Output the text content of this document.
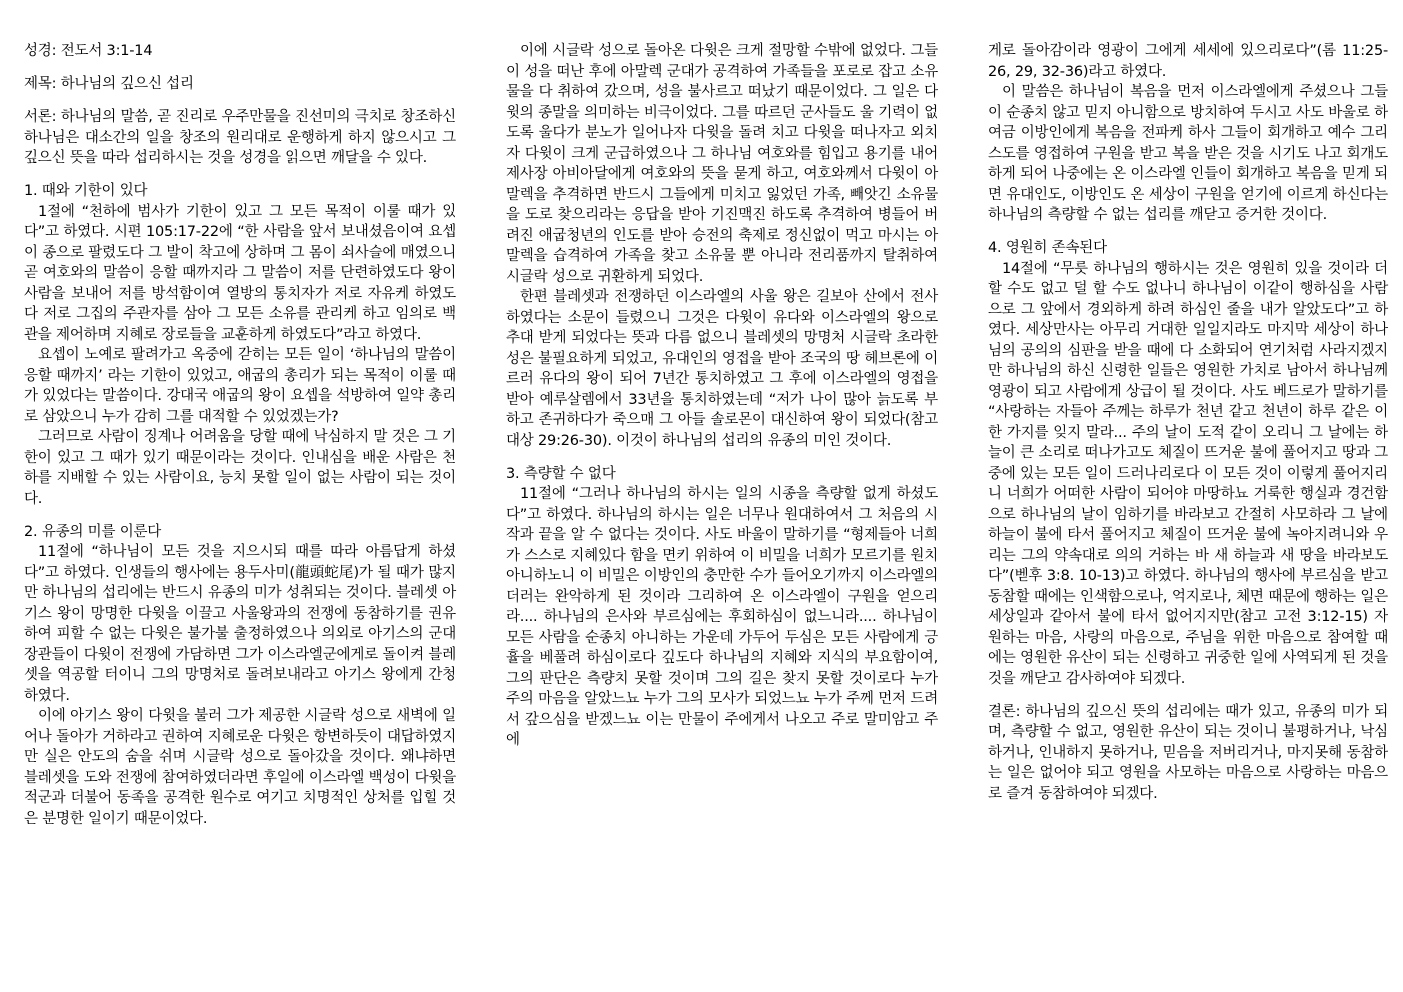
성경: 전도서 3:1-14

제목: 하나님의 깊으신 섭리

서론: 하나님의 말씀, 곧 진리로 우주만물을 진선미의 극치로 창조하신 하나님은 대소간의 일을 창조의 원리대로 운행하게 하지 않으시고 그 깊으신 뜻을 따라 섭리하시는 것을 성경을 읽으면 깨달을 수 있다.

1. 때와 기한이 있다

1절에 “천하에 범사가 기한이 있고 그 모든 목적이 이룰 때가 있다”고 하였다. 시편 105:17-22에 “한 사람을 앞서 보내셨음이여 요셉이 종으로 팔렸도다 그 발이 착고에 상하며 그 몸이 쇠사슬에 매였으니 곧 여호와의 말씀이 응할 때까지라 그 말씀이 저를 단련하였도다 왕이 사람을 보내어 저를 방석함이여 열방의 통치자가 저로 자유케 하였도다 저로 그집의 주관자를 삼아 그 모든 소유를 관리케 하고 임의로 백관을 제어하며 지혜로 장로들을 교훈하게 하였도다”라고 하였다.

요셉이 노예로 팔려가고 옥중에 갇히는 모든 일이 ‘하나님의 말씀이 응할 때까지’ 라는 기한이 있었고, 애굽의 총리가 되는 목적이 이룰 때가 있었다는 말씀이다. 강대국 애굽의 왕이 요셉을 석방하여 일약 총리로 삼았으니 누가 감히 그를 대적할 수 있었겠는가?

그러므로 사람이 징계나 어려움을 당할 때에 낙심하지 말 것은 그 기한이 있고 그 때가 있기 때문이라는 것이다. 인내심을 배운 사람은 천하를 지배할 수 있는 사람이요, 능치 못할 일이 없는 사람이 되는 것이다.

2. 유종의 미를 이룬다

11절에 “하나님이 모든 것을 지으시되 때를 따라 아름답게 하셨다”고 하였다. 인생들의 행사에는 용두사미(龍頭蛇尾)가 될 때가 많지만 하나님의 섭리에는 반드시 유종의 미가 성취되는 것이다. 블레셋 아기스 왕이 망명한 다윗을 이끌고 사울왕과의 전쟁에 동참하기를 권유하여 피할 수 없는 다윗은 불가불 출정하였으나 의외로 아기스의 군대장관들이 다윗이 전쟁에 가담하면 그가 이스라엘군에게로 돌이켜 블레셋을 역공할 터이니 그의 망명처로 돌려보내라고 아기스 왕에게 간청하였다.

이에 아기스 왕이 다윗을 불러 그가 제공한 시글락 성으로 새벽에 일어나 돌아가 거하라고 권하여 지혜로운 다윗은 항변하듯이 대답하였지만 실은 안도의 숨을 쉬며 시글락 성으로 돌아갔을 것이다. 왜냐하면 블레셋을 도와 전쟁에 참여하였더라면 후일에 이스라엘 백성이 다윗을 적군과 더불어 동족을 공격한 원수로 여기고 치명적인 상처를 입힐 것은 분명한 일이기 때문이었다.

이에 시글락 성으로 돌아온 다윗은 크게 절망할 수밖에 없었다. 그들이 성을 떠난 후에 아말렉 군대가 공격하여 가족들을 포로로 잡고 소유물을 다 취하여 갔으며, 성을 불사르고 떠났기 때문이었다. 그 일은 다윗의 종말을 의미하는 비극이었다. 그를 따르던 군사들도 울 기력이 없도록 울다가 분노가 일어나자 다윗을 돌려 치고 다윗을 떠나자고 외치자 다윗이 크게 군급하였으나 그 하나님 여호와를 힘입고 용기를 내어 제사장 아비아달에게 여호와의 뜻을 묻게 하고, 여호와께서 다윗이 아말렉을 추격하면 반드시 그들에게 미치고 잃었던 가족, 빼앗긴 소유물을 도로 찾으리라는 응답을 받아 기진맥진 하도록 추격하여 병들어 버려진 애굽청년의 인도를 받아 승전의 축제로 정신없이 먹고 마시는 아말렉을 습격하여 가족을 찾고 소유물 뿐 아니라 전리품까지 탈취하여 시글락 성으로 귀환하게 되었다.

한편 블레셋과 전쟁하던 이스라엘의 사울 왕은 길보아 산에서 전사하였다는 소문이 들렸으니 그것은 다윗이 유다와 이스라엘의 왕으로 추대 받게 되었다는 뜻과 다름 없으니 블레셋의 망명처 시글락 초라한 성은 불필요하게 되었고, 유대인의 영접을 받아 조국의 땅 헤브론에 이르러 유다의 왕이 되어 7년간 통치하였고 그 후에 이스라엘의 영접을 받아 예루살렘에서 33년을 통치하였는데 “저가 나이 많아 늙도록 부하고 존귀하다가 죽으매 그 아들 솔로몬이 대신하여 왕이 되었다(참고 대상 29:26-30). 이것이 하나님의 섭리의 유종의 미인 것이다.

3. 측량할 수 없다

11절에 “그러나 하나님의 하시는 일의 시종을 측량할 없게 하셨도다”고 하였다. 하나님의 하시는 일은 너무나 원대하여서 그 처음의 시작과 끝을 알 수 없다는 것이다. 사도 바울이 말하기를 “형제들아 너희가 스스로 지혜있다 함을 면키 위하여 이 비밀을 너희가 모르기를 원치 아니하노니 이 비밀은 이방인의 충만한 수가 들어오기까지 이스라엘의 더러는 완악하게 된 것이라 그리하여 온 이스라엘이 구원을 얻으리라.... 하나님의 은사와 부르심에는 후회하심이 없느니라.... 하나님이 모든 사람을 순종치 아니하는 가운데 가두어 두심은 모든 사람에게 긍휼을 베풀려 하심이로다 깊도다 하나님의 지혜와 지식의 부요함이여, 그의 판단은 측량치 못할 것이며 그의 길은 찾지 못할 것이로다 누가 주의 마음을 알았느뇨 누가 그의 모사가 되었느뇨 누가 주께 먼저 드려서 갚으심을 받겠느뇨 이는 만물이 주에게서 나오고 주로 말미암고 주에

게로 돌아감이라 영광이 그에게 세세에 있으리로다”(롬 11:25-26, 29, 32-36)라고 하였다.

이 말씀은 하나님이 복음을 먼저 이스라엘에게 주셨으나 그들이 순종치 않고 믿지 아니함으로 방치하여 두시고 사도 바울로 하여금 이방인에게 복음을 전파케 하사 그들이 회개하고 예수 그리스도를 영접하여 구원을 받고 복을 받은 것을 시기도 나고 회개도 하게 되어 나중에는 온 이스라엘 인들이 회개하고 복음을 믿게 되면 유대인도, 이방인도 온 세상이 구원을 얻기에 이르게 하신다는 하나님의 측량할 수 없는 섭리를 깨닫고 증거한 것이다.

4. 영원히 존속된다

14절에 “무릇 하나님의 행하시는 것은 영원히 있을 것이라 더 할 수도 없고 덜 할 수도 없나니 하나님이 이같이 행하심을 사람으로 그 앞에서 경외하게 하려 하심인 줄을 내가 알았도다”고 하였다. 세상만사는 아무리 거대한 일일지라도 마지막 세상이 하나님의 공의의 심판을 받을 때에 다 소화되어 연기처럼 사라지겠지만 하나님의 하신 신령한 일들은 영원한 가치로 남아서 하나님께 영광이 되고 사람에게 상급이 될 것이다. 사도 베드로가 말하기를 “사랑하는 자들아 주께는 하루가 천년 같고 천년이 하루 같은 이 한 가지를 잊지 말라... 주의 날이 도적 같이 오리니 그 날에는 하늘이 큰 소리로 떠나가고도 체질이 뜨거운 불에 풀어지고 땅과 그 중에 있는 모든 일이 드러나리로다 이 모든 것이 이렇게 풀어지리니 너희가 어떠한 사람이 되어야 마땅하뇨 거룩한 행실과 경건함으로 하나님의 날이 임하기를 바라보고 간절히 사모하라 그 날에 하늘이 불에 타서 풀어지고 체질이 뜨거운 불에 녹아지려니와 우리는 그의 약속대로 의의 거하는 바 새 하늘과 새 땅을 바라보도다”(벧후 3:8. 10-13)고 하였다. 하나님의 행사에 부르심을 받고 동참할 때에는 인색함으로나, 억지로나, 체면 때문에 행하는 일은 세상일과 같아서 불에 타서 없어지지만(참고 고전 3:12-15) 자원하는 마음, 사랑의 마음으로, 주님을 위한 마음으로 참여할 때에는 영원한 유산이 되는 신령하고 귀중한 일에 사역되게 된 것을 것을 깨닫고 감사하여야 되겠다.

결론: 하나님의 깊으신 뜻의 섭리에는 때가 있고, 유종의 미가 되며, 측량할 수 없고, 영원한 유산이 되는 것이니 불평하거나, 낙심하거나, 인내하지 못하거나, 믿음을 저버리거나, 마지못해 동참하는 일은 없어야 되고 영원을 사모하는 마음으로 사랑하는 마음으로 즐겨 동참하여야 되겠다.
